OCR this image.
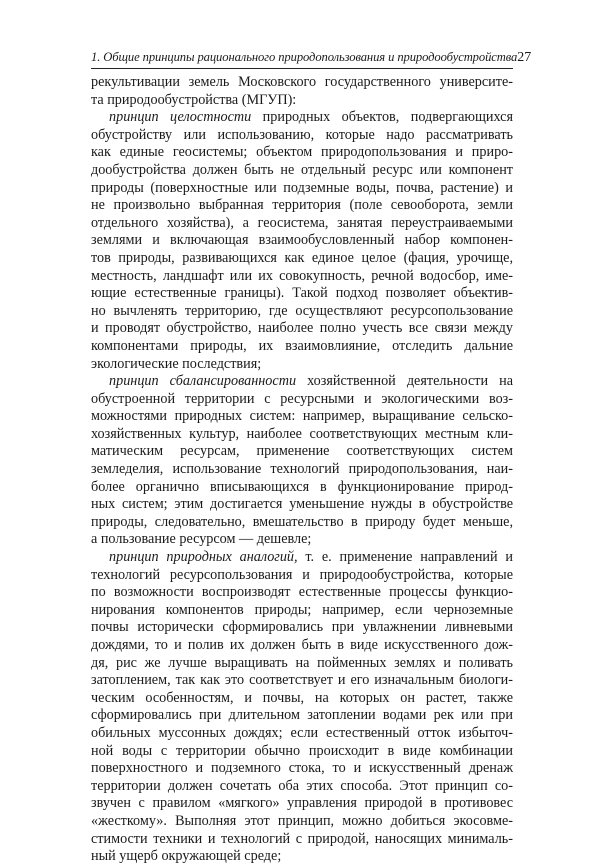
1. Общие принципы рационального природопользования и природообустройства 27
рекультивации земель Московского государственного университе-
та природообустройства (МГУП):
принцип целостности природных объектов, подвергающихся
обустройству или использованию, которые надо рассматривать
как единые геосистемы; объектом природопользования и приро-
дообустройства должен быть не отдельный ресурс или компонент
природы (поверхностные или подземные воды, почва, растение) и
не произвольно выбранная территория (поле севооборота, земли
отдельного хозяйства), а геосистема, занятая переустраиваемыми
землями и включающая взаимообусловленный набор компонен-
тов природы, развивающихся как единое целое (фация, урочище,
местность, ландшафт или их совокупность, речной водосбор, име-
ющие естественные границы). Такой подход позволяет объектив-
но вычленять территорию, где осуществляют ресурсопользование
и проводят обустройство, наиболее полно учесть все связи между
компонентами природы, их взаимовлияние, отследить дальние
экологические последствия;
принцип сбалансированности хозяйственной деятельности на
обустроенной территории с ресурсными и экологическими воз-
можностями природных систем: например, выращивание сельско-
хозяйственных культур, наиболее соответствующих местным кли-
матическим ресурсам, применение соответствующих систем
земледелия, использование технологий природопользования, наи-
более органично вписывающихся в функционирование природ-
ных систем; этим достигается уменьшение нужды в обустройстве
природы, следовательно, вмешательство в природу будет меньше,
а пользование ресурсом — дешевле;
принцип природных аналогий, т. е. применение направлений и
технологий ресурсопользования и природообустройства, которые
по возможности воспроизводят естественные процессы функцио-
нирования компонентов природы; например, если черноземные
почвы исторически сформировались при увлажнении ливневыми
дождями, то и полив их должен быть в виде искусственного дож-
дя, рис же лучше выращивать на пойменных землях и поливать
затоплением, так как это соответствует и его изначальным биологи-
ческим особенностям, и почвы, на которых он растет, также
сформировались при длительном затоплении водами рек или при
обильных муссонных дождях; если естественный отток избыточ-
ной воды с территории обычно происходит в виде комбинации
поверхностного и подземного стока, то и искусственный дренаж
территории должен сочетать оба этих способа. Этот принцип со-
звучен с правилом «мягкого» управления природой в противовес
«жесткому». Выполняя этот принцип, можно добиться экосовме-
стимости техники и технологий с природой, наносящих минималь-
ный ущерб окружающей среде;
